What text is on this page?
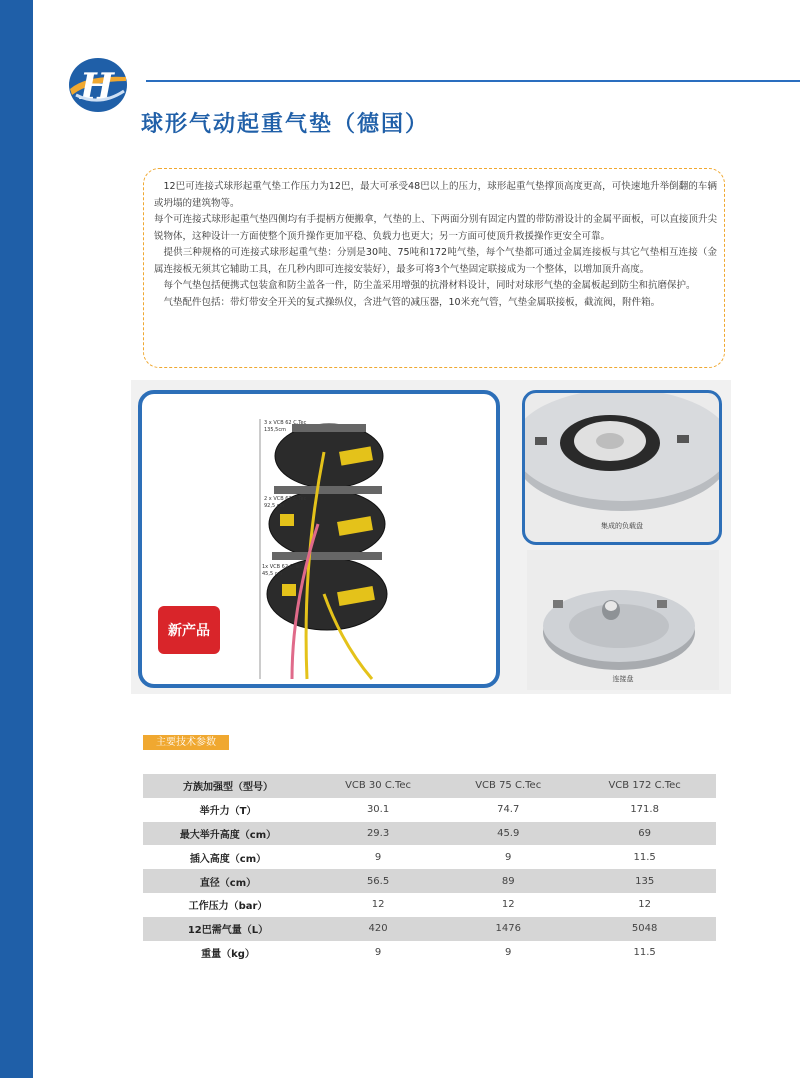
H
球形气动起重气垫（德国）

12巴可连接式球形起重气垫工作压力为12巴，最大可承受48巴以上的压力，球形起重气垫撑顶高度更高，可快速地升举倒翻的车辆或坍塌的建筑物等。

每个可连接式球形起重气垫四侧均有手提柄方便搬拿，气垫的上、下两面分别有固定内置的带防滑设计的金属平面板，可以直接顶升尖锐物体，这种设计一方面使整个顶升操作更加平稳、负载力也更大；另一方面可使顶升救援操作更安全可靠。

提供三种规格的可连接式球形起重气垫：分别是30吨、75吨和172吨气垫，每个气垫都可通过金属连接板与其它气垫相互连接（金属连接板无须其它辅助工具，在几秒内即可连接安装好），最多可将3个气垫固定联接成为一个整体，以增加顶升高度。

每个气垫包括便携式包装盒和防尘盖各一件，防尘盖采用增强的抗滑材料设计，同时对球形气垫的金属板起到防尘和抗磨保护。

气垫配件包括：带灯带安全开关的复式操纵仪，含进气管的减压器，10米充气管，气垫金属联接板，截流阀，附件箱。

3 x VCB 62 C.Tec
135,5cm
2 x VCB 62 C.Tec
92,5 cm
1x VCB 62 C.Tec
45,5 cm
新产品
集成的负载盘
连接盘
主要技术参数
方族加强型（型号）	VCB 30 C.Tec	VCB 75 C.Tec	VCB 172 C.Tec
举升力（T）	30.1	74.7	171.8
最大举升高度（cm）	29.3	45.9	69
插入高度（cm）	9	9	11.5
直径（cm）	56.5	89	135
工作压力（bar）	12	12	12
12巴需气量（L）	420	1476	5048
重量（kg）	9	9	11.5
